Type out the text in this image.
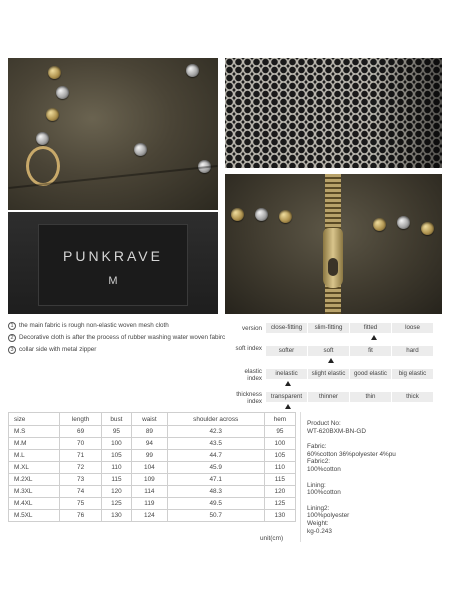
PUNKRAVE
M
1 the main fabric is rough non-elastic woven mesh cloth
2 Decorative cloth is after the process of rubber washing water woven fabirc
3 collar side with metal zipper
version	close-fitting	slim-fitting	fitted	loose
soft index	softer	soft	fit	hard
elastic index
inelastic	slight elastic	good elastic	big elastic
thickness index
transparent	thinner	thin	thick
size	length	bust	waist	shoulder across	hem
M.S	69	95	89	42.3	95
M.M	70	100	94	43.5	100
M.L	71	105	99	44.7	105
M.XL	72	110	104	45.9	110
M.2XL	73	115	109	47.1	115
M.3XL	74	120	114	48.3	120
M.4XL	75	125	119	49.5	125
M.5XL	76	130	124	50.7	130
unit(cm)
Product No:
WT-620BXM-BN-GD
Fabric:
60%cotton 36%polyester 4%pu
Fabric2:
100%cotton
Lining:
100%cotton
Lining2:
100%polyester
Weight:
kg-0.243
